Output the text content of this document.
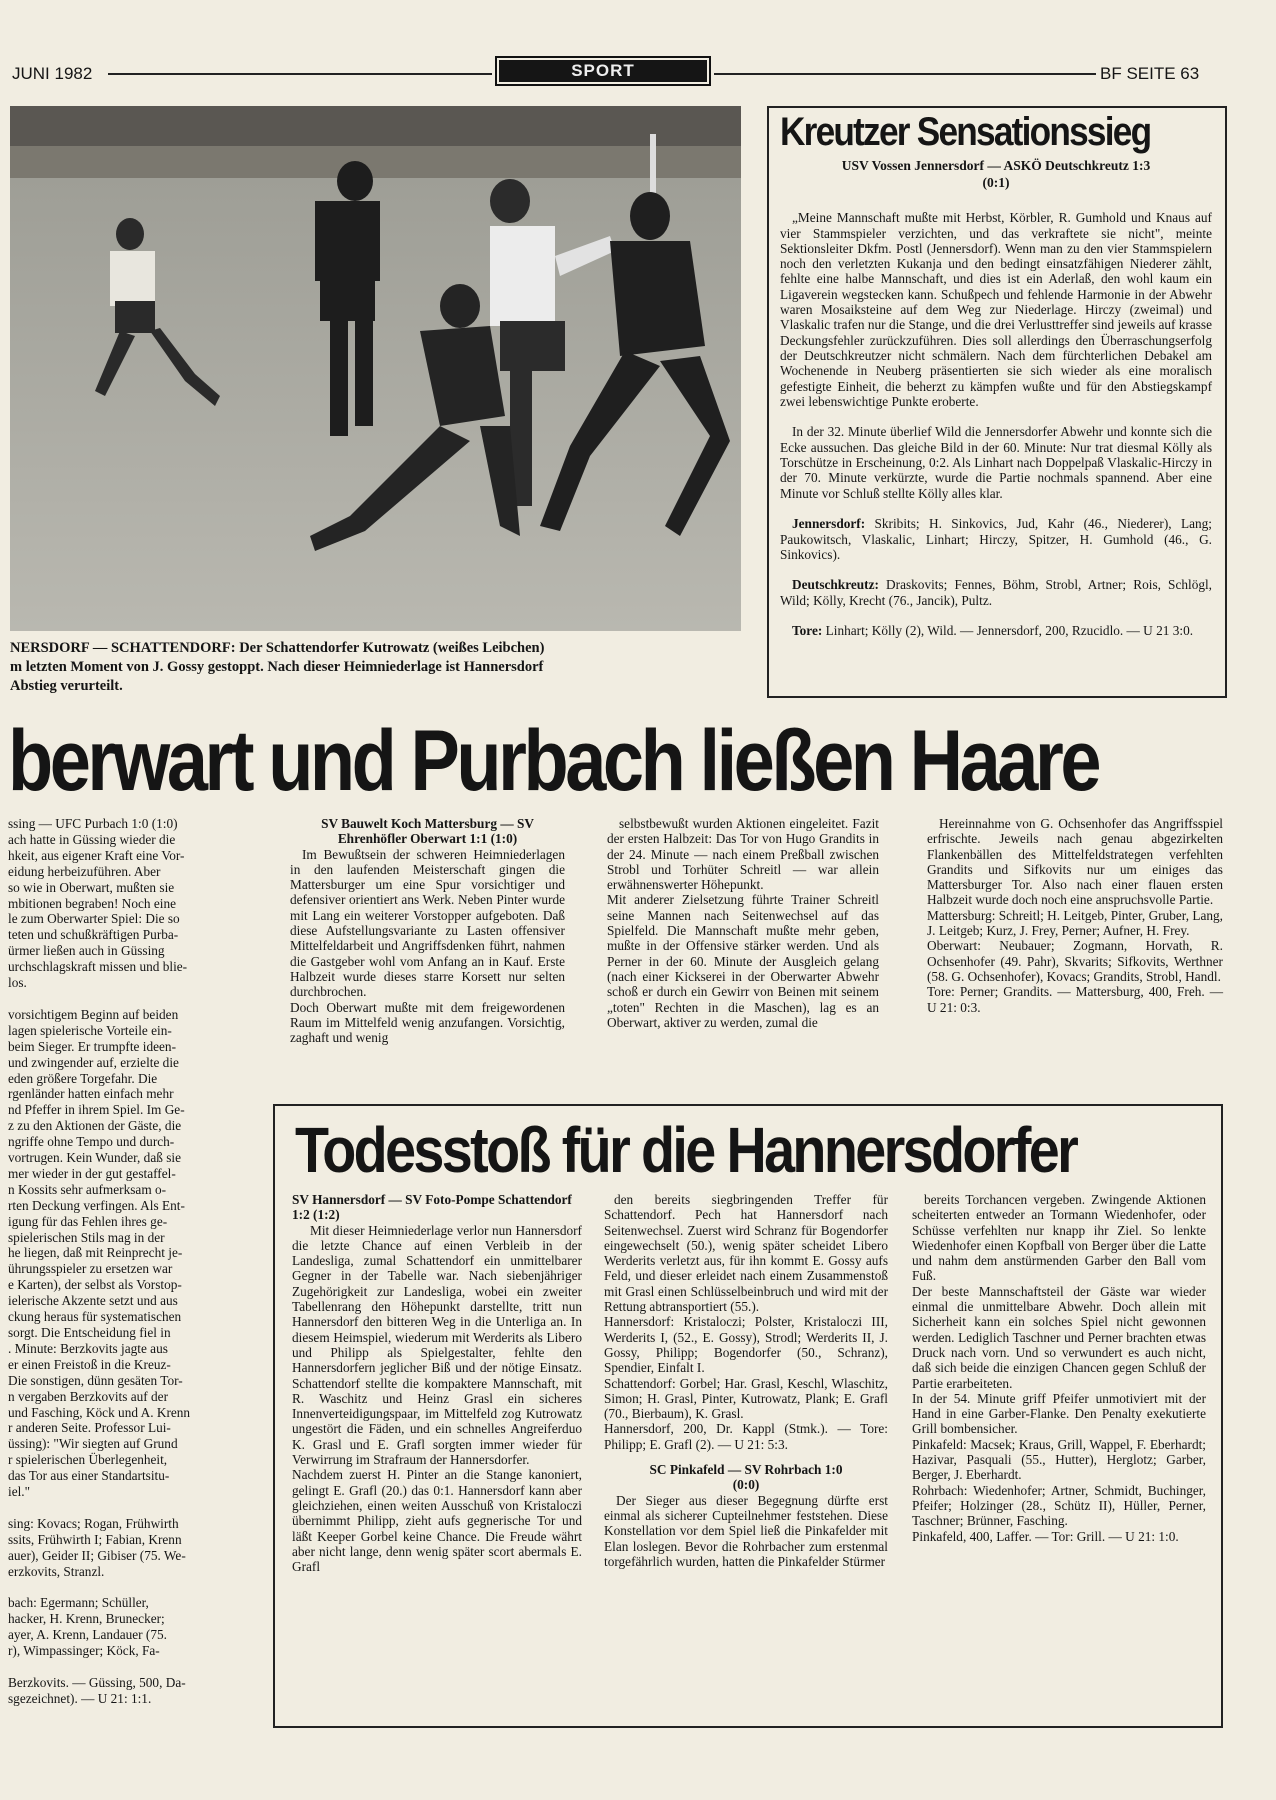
JUNI 1982	SPORT	BF SEITE 63
NERSDORF — SCHATTENDORF: Der Schattendorfer Kutrowatz (weißes Leibchen)
m letzten Moment von J. Gossy gestoppt. Nach dieser Heimniederlage ist Hannersdorf
Abstieg verurteilt.
Kreutzer Sensationssieg
USV Vossen Jennersdorf — ASKÖ Deutschkreutz 1:3
(0:1)

„Meine Mannschaft mußte mit Herbst, Körbler, R. Gumhold und Knaus auf vier Stammspieler verzichten, und das verkraftete sie nicht", meinte Sektionsleiter Dkfm. Postl (Jennersdorf). Wenn man zu den vier Stammspielern noch den verletzten Kukanja und den bedingt einsatzfähigen Niederer zählt, fehlte eine halbe Mannschaft, und dies ist ein Aderlaß, den wohl kaum ein Ligaverein wegstecken kann. Schußpech und fehlende Harmonie in der Abwehr waren Mosaiksteine auf dem Weg zur Niederlage. Hirczy (zweimal) und Vlaskalic trafen nur die Stange, und die drei Verlusttreffer sind jeweils auf krasse Deckungsfehler zurückzuführen. Dies soll allerdings den Überraschungserfolg der Deutschkreutzer nicht schmälern. Nach dem fürchterlichen Debakel am Wochenende in Neuberg präsentierten sie sich wieder als eine moralisch gefestigte Einheit, die beherzt zu kämpfen wußte und für den Abstiegskampf zwei lebenswichtige Punkte eroberte.

In der 32. Minute überlief Wild die Jennersdorfer Abwehr und konnte sich die Ecke aussuchen. Das gleiche Bild in der 60. Minute: Nur trat diesmal Kölly als Torschütze in Erscheinung, 0:2. Als Linhart nach Doppelpaß Vlaskalic-Hirczy in der 70. Minute verkürzte, wurde die Partie nochmals spannend. Aber eine Minute vor Schluß stellte Kölly alles klar.

Jennersdorf: Skribits; H. Sinkovics, Jud, Kahr (46., Niederer), Lang; Paukowitsch, Vlaskalic, Linhart; Hirczy, Spitzer, H. Gumhold (46., G. Sinkovics).

Deutschkreutz: Draskovits; Fennes, Böhm, Strobl, Artner; Rois, Schlögl, Wild; Kölly, Krecht (76., Jancik), Pultz.

Tore: Linhart; Kölly (2), Wild. — Jennersdorf, 200, Rzucidlo. — U 21 3:0.

berwart und Purbach ließen Haare
ssing — UFC Purbach 1:0 (1:0)
ach hatte in Güssing wieder die
hkeit, aus eigener Kraft eine Vor-
eidung herbeizuführen. Aber
so wie in Oberwart, mußten sie
mbitionen begraben! Noch eine
le zum Oberwarter Spiel: Die so
teten und schußkräftigen Purba-
ürmer ließen auch in Güssing
urchschlagskraft missen und blie-
los.

vorsichtigem Beginn auf beiden
lagen spielerische Vorteile ein-
beim Sieger. Er trumpfte ideen-
und zwingender auf, erzielte die
eden größere Torgefahr. Die
rgenländer hatten einfach mehr
nd Pfeffer in ihrem Spiel. Im Ge-
z zu den Aktionen der Gäste, die
ngriffe ohne Tempo und durch-
vortrugen. Kein Wunder, daß sie
mer wieder in der gut gestaffel-
n Kossits sehr aufmerksam o-
rten Deckung verfingen. Als Ent-
igung für das Fehlen ihres ge-
spielerischen Stils mag in der
he liegen, daß mit Reinprecht je-
ührungsspieler zu ersetzen war
e Karten), der selbst als Vorstop-
ielerische Akzente setzt und aus
ckung heraus für systematischen
sorgt. Die Entscheidung fiel in
. Minute: Berzkovits jagte aus
er einen Freistoß in die Kreuz-
Die sonstigen, dünn gesäten Tor-
n vergaben Berzkovits auf der
und Fasching, Köck und A. Krenn
r anderen Seite. Professor Lui-
üssing): "Wir siegten auf Grund
r spielerischen Überlegenheit,
das Tor aus einer Standartsitu-
iel."

sing: Kovacs; Rogan, Frühwirth
ssits, Frühwirth I; Fabian, Krenn
auer), Geider II; Gibiser (75. We-
erzkovits, Stranzl.

bach: Egermann; Schüller,
hacker, H. Krenn, Brunecker;
ayer, A. Krenn, Landauer (75.
r), Wimpassinger; Köck, Fa-

Berzkovits. — Güssing, 500, Da-
sgezeichnet). — U 21: 1:1.
SV Bauwelt Koch Mattersburg — SV Ehrenhöfler Oberwart 1:1 (1:0)
Im Bewußtsein der schweren Heimniederlagen in den laufenden Meisterschaft gingen die Mattersburger um eine Spur vorsichtiger und defensiver orientiert ans Werk. Neben Pinter wurde mit Lang ein weiterer Vorstopper aufgeboten. Daß diese Aufstellungsvariante zu Lasten offensiver Mittelfeldarbeit und Angriffsdenken führt, nahmen die Gastgeber wohl vom Anfang an in Kauf. Erste Halbzeit wurde dieses starre Korsett nur selten durchbrochen.
Doch Oberwart mußte mit dem freigewordenen Raum im Mittelfeld wenig anzufangen. Vorsichtig, zaghaft und wenig
selbstbewußt wurden Aktionen eingeleitet. Fazit der ersten Halbzeit: Das Tor von Hugo Grandits in der 24. Minute — nach einem Preßball zwischen Strobl und Torhüter Schreitl — war allein erwähnenswerter Höhepunkt.
Mit anderer Zielsetzung führte Trainer Schreitl seine Mannen nach Seitenwechsel auf das Spielfeld. Die Mannschaft mußte mehr geben, mußte in der Offensive stärker werden. Und als Perner in der 60. Minute der Ausgleich gelang (nach einer Kickserei in der Oberwarter Abwehr schoß er durch ein Gewirr von Beinen mit seinem „toten" Rechten in die Maschen), lag es an Oberwart, aktiver zu werden, zumal die
Hereinnahme von G. Ochsenhofer das Angriffsspiel erfrischte. Jeweils nach genau abgezirkelten Flankenbällen des Mittelfeldstrategen verfehlten Grandits und Sifkovits nur um einiges das Mattersburger Tor. Also nach einer flauen ersten Halbzeit wurde doch noch eine anspruchsvolle Partie.
Mattersburg: Schreitl; H. Leitgeb, Pinter, Gruber, Lang, J. Leitgeb; Kurz, J. Frey, Perner; Aufner, H. Frey.
Oberwart: Neubauer; Zogmann, Horvath, R. Ochsenhofer (49. Pahr), Skvarits; Sifkovits, Werthner (58. G. Ochsenhofer), Kovacs; Grandits, Strobl, Handl.
Tore: Perner; Grandits. — Mattersburg, 400, Freh. — U 21: 0:3.
Todesstoß für die Hannersdorfer
SV Hannersdorf — SV Foto-Pompe Schattendorf 1:2 (1:2)
Mit dieser Heimniederlage verlor nun Hannersdorf die letzte Chance auf einen Verbleib in der Landesliga, zumal Schattendorf ein unmittelbarer Gegner in der Tabelle war. Nach siebenjähriger Zugehörigkeit zur Landesliga, wobei ein zweiter Tabellenrang den Höhepunkt darstellte, tritt nun Hannersdorf den bitteren Weg in die Unterliga an. In diesem Heimspiel, wiederum mit Werderits als Libero und Philipp als Spielgestalter, fehlte den Hannersdorfern jeglicher Biß und der nötige Einsatz. Schattendorf stellte die kompaktere Mannschaft, mit R. Waschitz und Heinz Grasl ein sicheres Innenverteidigungspaar, im Mittelfeld zog Kutrowatz ungestört die Fäden, und ein schnelles Angreiferduo K. Grasl und E. Grafl sorgten immer wieder für Verwirrung im Strafraum der Hannersdorfer.
Nachdem zuerst H. Pinter an die Stange kanoniert, gelingt E. Grafl (20.) das 0:1. Hannersdorf kann aber gleichziehen, einen weiten Ausschuß von Kristaloczi übernimmt Philipp, zieht aufs gegnerische Tor und läßt Keeper Gorbel keine Chance. Die Freude währt aber nicht lange, denn wenig später scort abermals E. Grafl
den bereits siegbringenden Treffer für Schattendorf. Pech hat Hannersdorf nach Seitenwechsel. Zuerst wird Schranz für Bogendorfer eingewechselt (50.), wenig später scheidet Libero Werderits verletzt aus, für ihn kommt E. Gossy aufs Feld, und dieser erleidet nach einem Zusammenstoß mit Grasl einen Schlüsselbeinbruch und wird mit der Rettung abtransportiert (55.).
Hannersdorf: Kristaloczi; Polster, Kristaloczi III, Werderits I, (52., E. Gossy), Strodl; Werderits II, J. Gossy, Philipp; Bogendorfer (50., Schranz), Spendier, Einfalt I.
Schattendorf: Gorbel; Har. Grasl, Keschl, Wlaschitz, Simon; H. Grasl, Pinter, Kutrowatz, Plank; E. Grafl (70., Bierbaum), K. Grasl.
Hannersdorf, 200, Dr. Kappl (Stmk.). — Tore: Philipp; E. Grafl (2). — U 21: 5:3.
SC Pinkafeld — SV Rohrbach 1:0
(0:0)
Der Sieger aus dieser Begegnung dürfte erst einmal als sicherer Cupteilnehmer feststehen. Diese Konstellation vor dem Spiel ließ die Pinkafelder mit Elan loslegen. Bevor die Rohrbacher zum erstenmal torgefährlich wurden, hatten die Pinkafelder Stürmer
bereits Torchancen vergeben. Zwingende Aktionen scheiterten entweder an Tormann Wiedenhofer, oder Schüsse verfehlten nur knapp ihr Ziel. So lenkte Wiedenhofer einen Kopfball von Berger über die Latte und nahm dem anstürmenden Garber den Ball vom Fuß.
Der beste Mannschaftsteil der Gäste war wieder einmal die unmittelbare Abwehr. Doch allein mit Sicherheit kann ein solches Spiel nicht gewonnen werden. Lediglich Taschner und Perner brachten etwas Druck nach vorn. Und so verwundert es auch nicht, daß sich beide die einzigen Chancen gegen Schluß der Partie erarbeiteten.
In der 54. Minute griff Pfeifer unmotiviert mit der Hand in eine Garber-Flanke. Den Penalty exekutierte Grill bombensicher.
Pinkafeld: Macsek; Kraus, Grill, Wappel, F. Eberhardt; Hazivar, Pasquali (55., Hutter), Herglotz; Garber, Berger, J. Eberhardt.
Rohrbach: Wiedenhofer; Artner, Schmidt, Buchinger, Pfeifer; Holzinger (28., Schütz II), Hüller, Perner, Taschner; Brünner, Fasching.
Pinkafeld, 400, Laffer. — Tor: Grill. — U 21: 1:0.
